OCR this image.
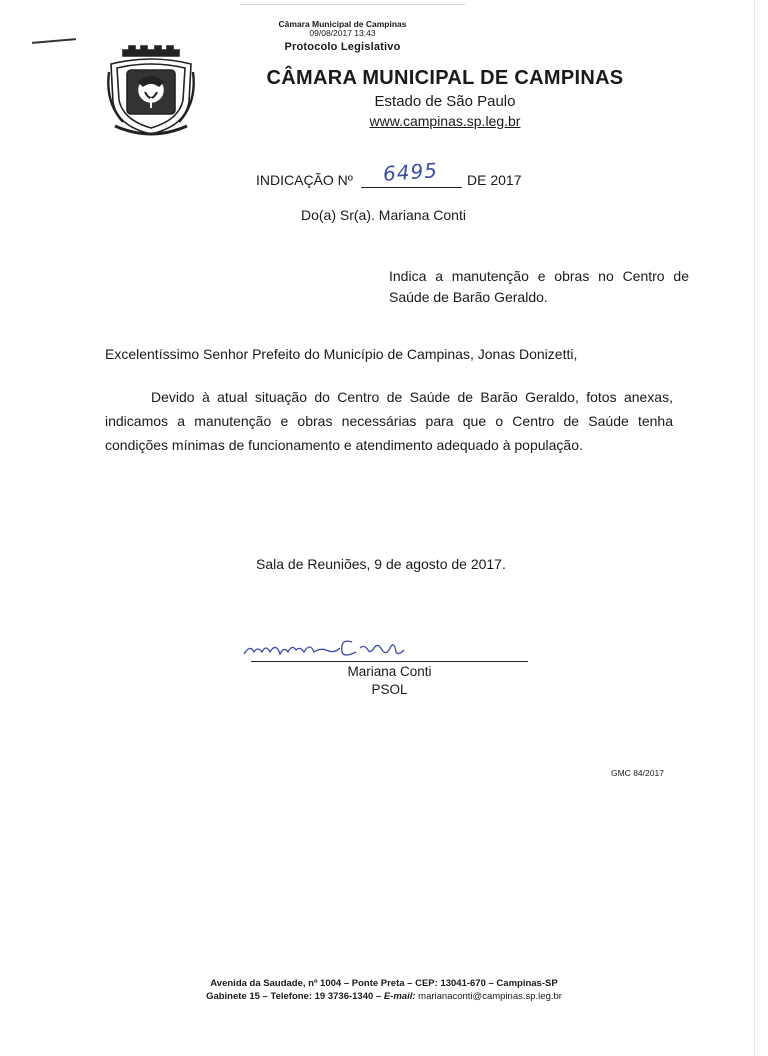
Câmara Municipal de Campinas
09/08/2017 13:43
Protocolo Legislativo
CÂMARA MUNICIPAL DE CAMPINAS
Estado de São Paulo
www.campinas.sp.leg.br
INDICAÇÃO Nº 6495 DE 2017
Do(a) Sr(a). Mariana Conti
Indica a manutenção e obras no Centro de Saúde de Barão Geraldo.
Excelentíssimo Senhor Prefeito do Município de Campinas, Jonas Donizetti,
Devido à atual situação do Centro de Saúde de Barão Geraldo, fotos anexas, indicamos a manutenção e obras necessárias para que o Centro de Saúde tenha condições mínimas de funcionamento e atendimento adequado à população.
Sala de Reuniões, 9 de agosto de 2017.
Mariana Conti
PSOL
GMC 84/2017
Avenida da Saudade, nº 1004 – Ponte Preta – CEP: 13041-670 – Campinas-SP
Gabinete 15 – Telefone: 19 3736-1340 – E-mail: marianaconti@campinas.sp.leg.br
